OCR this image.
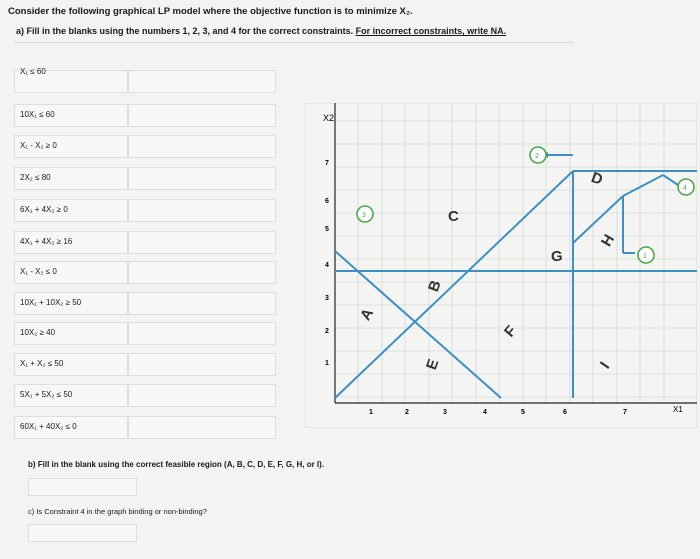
Consider the following graphical LP model where the objective function is to minimize X₂.
a) Fill in the blanks using the numbers 1, 2, 3, and 4 for the correct constraints. For incorrect constraints, write NA.
X₁ ≤ 60
10X₁ ≤ 60
X₁ - X₂ ≥ 0
2X₂ ≤ 80
6X₁ + 4X₂ ≥ 0
4X₁ + 4X₂ ≥ 16
X₁ - X₂ ≤ 0
10X₁ + 10X₂ ≥ 50
10X₂ ≥ 40
X₁ + X₂ ≤ 50
5X₁ + 5X₂ ≤ 50
60X₁ + 40X₂ ≤ 0
X2
X1
7
6
5
4
3
2
1
1	2	3	4	5	6	7
3
2
1
4
A
B
C
D
E
F
G
H
I
b) Fill in the blank using the correct feasible region (A, B, C, D, E, F, G, H, or I).
c) Is Constraint 4 in the graph binding or non-binding?
